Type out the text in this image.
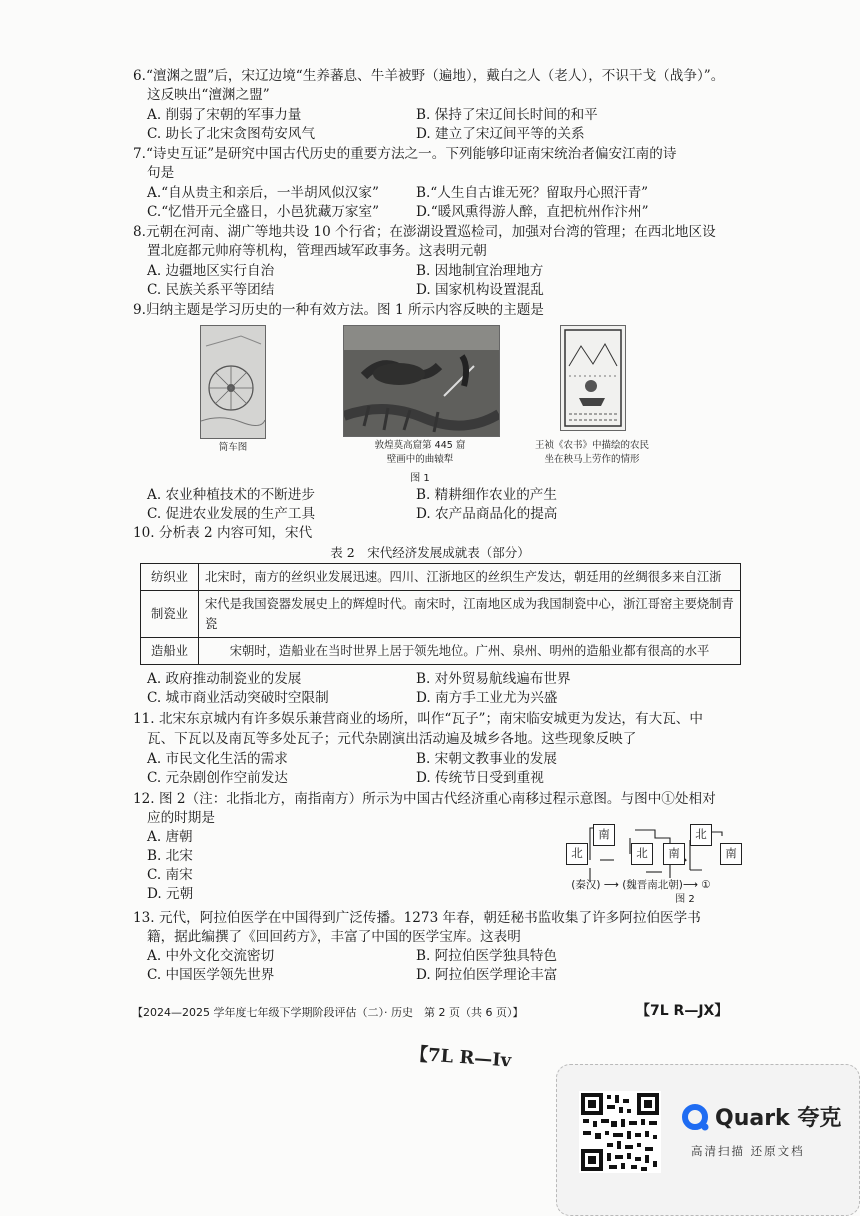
6.“澶渊之盟”后，宋辽边境“生养蕃息、牛羊被野（遍地），戴白之人（老人），不识干戈（战争）”。
这反映出“澶渊之盟”
A. 削弱了宋朝的军事力量	B. 保持了宋辽间长时间的和平
C. 助长了北宋贪图苟安风气	D. 建立了宋辽间平等的关系
7.“诗史互证”是研究中国古代历史的重要方法之一。下列能够印证南宋统治者偏安江南的诗
句是
A.“自从贵主和亲后，一半胡风似汉家”	B.“人生自古谁无死？留取丹心照汗青”
C.“忆惜开元全盛日，小邑犹藏万家室”	D.“暖风熏得游人醉，直把杭州作汴州”
8.元朝在河南、湖广等地共设 10 个行省；在澎湖设置巡检司，加强对台湾的管理；在西北地区设
置北庭都元帅府等机构，管理西域军政事务。这表明元朝
A. 边疆地区实行自治	B. 因地制宜治理地方
C. 民族关系平等团结	D. 国家机构设置混乱
9.归纳主题是学习历史的一种有效方法。图 1 所示内容反映的主题是
筒车图	敦煌莫高窟第 445 窟
壁画中的曲辕犁
王祯《农书》中描绘的农民
坐在秧马上劳作的情形
图 1
A. 农业种植技术的不断进步	B. 精耕细作农业的产生
C. 促进农业发展的生产工具	D. 农产品商品化的提高
10. 分析表 2 内容可知，宋代
表 2　宋代经济发展成就表（部分）
纺织业	北宋时，南方的丝织业发展迅速。四川、江浙地区的丝织生产发达，朝廷用的丝绸很多来自江浙
制瓷业	宋代是我国瓷器发展史上的辉煌时代。南宋时，江南地区成为我国制瓷中心，浙江哥窑主要烧制青瓷
造船业	宋朝时，造船业在当时世界上居于领先地位。广州、泉州、明州的造船业都有很高的水平
A. 政府推动制瓷业的发展	B. 对外贸易航线遍布世界
C. 城市商业活动突破时空限制	D. 南方手工业尤为兴盛
11. 北宋东京城内有许多娱乐兼营商业的场所，叫作“瓦子”；南宋临安城更为发达，有大瓦、中
瓦、下瓦以及南瓦等多处瓦子；元代杂剧演出活动遍及城乡各地。这些现象反映了
A. 市民文化生活的需求	B. 宋朝文教事业的发展
C. 元杂剧创作空前发达	D. 传统节日受到重视
12. 图 2（注：北指北方，南指南方）所示为中国古代经济重心南移过程示意图。与图中①处相对
应的时期是
A. 唐朝
B. 北宋
C. 南宋
D. 元朝
南
北	北	南
北
南
(秦汉) ⟶ (魏晋南北朝)⟶ ①
图 2
13. 元代，阿拉伯医学在中国得到广泛传播。1273 年春，朝廷秘书监收集了许多阿拉伯医学书
籍，据此编撰了《回回药方》，丰富了中国的医学宝库。这表明
A. 中外文化交流密切	B. 阿拉伯医学独具特色
C. 中国医学领先世界	D. 阿拉伯医学理论丰富
【2024—2025 学年度七年级下学期阶段评估（二）· 历史　第 2 页（共 6 页）】	【7L R—JX】
【7L R—Iv
Quark 夸克
高清扫描 还原文档
